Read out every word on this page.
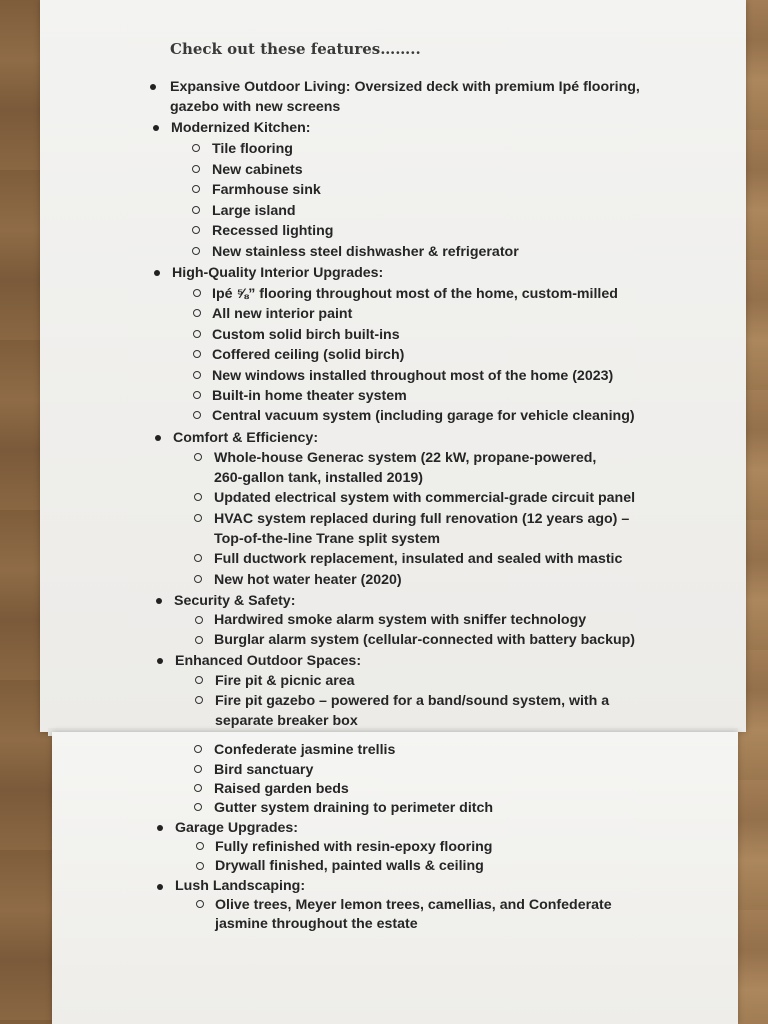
Check out these features……..
Expansive Outdoor Living: Oversized deck with premium Ipé flooring,
gazebo with new screens
Modernized Kitchen:
Tile flooring
New cabinets
Farmhouse sink
Large island
Recessed lighting
New stainless steel dishwasher & refrigerator
High-Quality Interior Upgrades:
Ipé ⅝” flooring throughout most of the home, custom-milled
All new interior paint
Custom solid birch built-ins
Coffered ceiling (solid birch)
New windows installed throughout most of the home (2023)
Built-in home theater system
Central vacuum system (including garage for vehicle cleaning)
Comfort & Efficiency:
Whole-house Generac system (22 kW, propane-powered,
260-gallon tank, installed 2019)
Updated electrical system with commercial-grade circuit panel
HVAC system replaced during full renovation (12 years ago) –
Top-of-the-line Trane split system
Full ductwork replacement, insulated and sealed with mastic
New hot water heater (2020)
Security & Safety:
Hardwired smoke alarm system with sniffer technology
Burglar alarm system (cellular-connected with battery backup)
Enhanced Outdoor Spaces:
Fire pit & picnic area
Fire pit gazebo – powered for a band/sound system, with a
separate breaker box
Confederate jasmine trellis
Bird sanctuary
Raised garden beds
Gutter system draining to perimeter ditch
Garage Upgrades:
Fully refinished with resin-epoxy flooring
Drywall finished, painted walls & ceiling
Lush Landscaping:
Olive trees, Meyer lemon trees, camellias, and Confederate
jasmine throughout the estate
